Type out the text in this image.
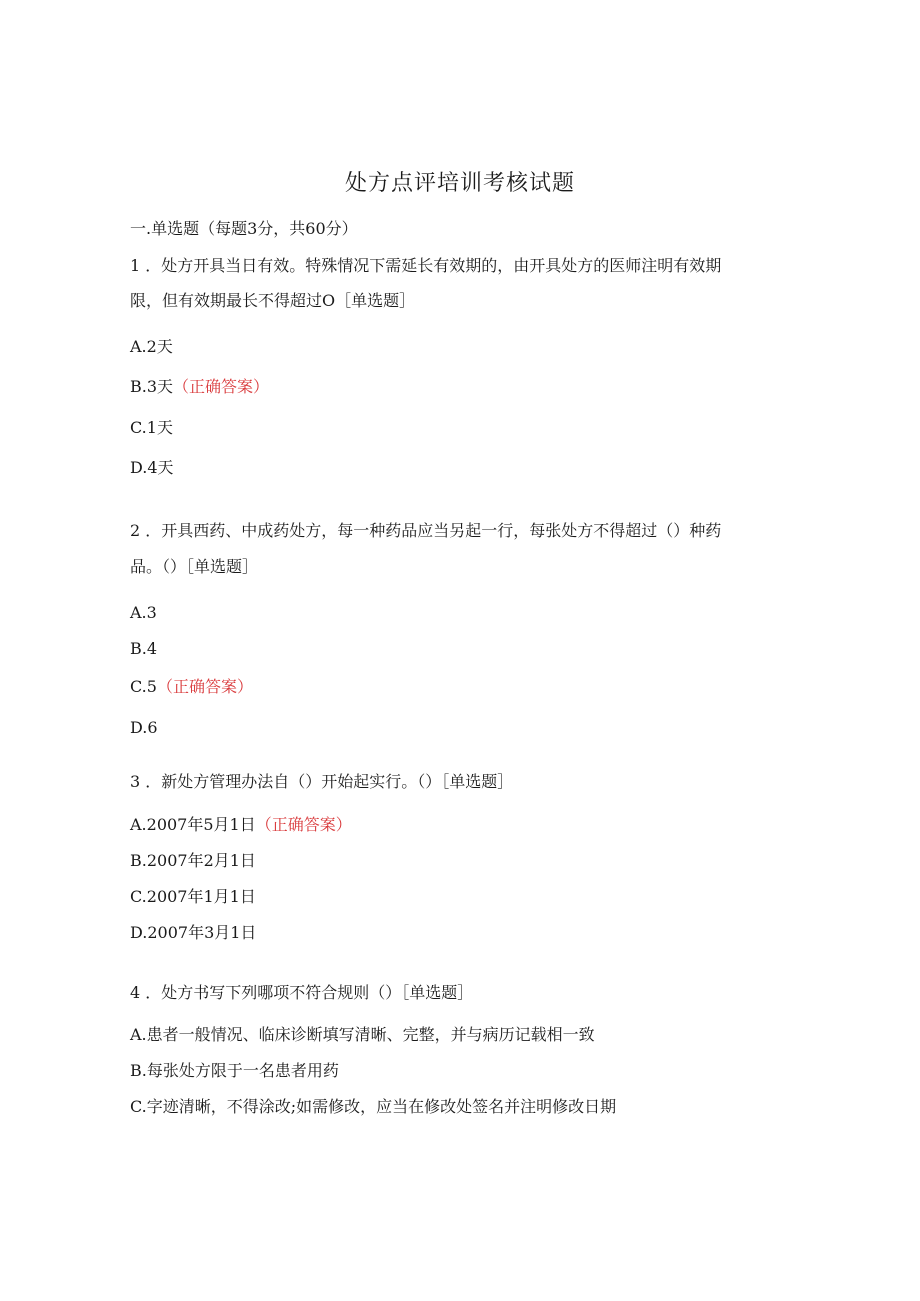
处方点评培训考核试题

一.单选题（每题3分，共60分）

1 ．处方开具当日有效。特殊情况下需延长有效期的，由开具处方的医师注明有效期

限，但有效期最长不得超过O［单选题］

A.2天

B.3天（正确答案）

C.1天

D.4天

2 ．开具西药、中成药处方，每一种药品应当另起一行，每张处方不得超过（）种药

品。（）［单选题］

A.3

B.4

C.5（正确答案）

D.6

3 ．新处方管理办法自（）开始起实行。（）［单选题］

A.2007年5月1日（正确答案）

B.2007年2月1日

C.2007年1月1日

D.2007年3月1日

4 ．处方书写下列哪项不符合规则（）［单选题］

A.患者一般情况、临床诊断填写清晰、完整，并与病历记载相一致

B.每张处方限于一名患者用药

C.字迹清晰，不得涂改;如需修改，应当在修改处签名并注明修改日期
